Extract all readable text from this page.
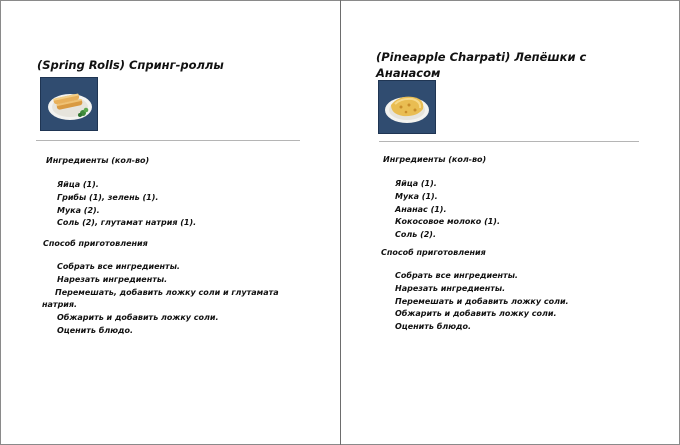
(Spring Rolls) Спринг-роллы
Ингредиенты (кол-во)
Яйца (1).
Грибы (1), зелень (1).
Мука (2).
Соль (2), глутамат натрия (1).
Способ приготовления
Собрать все ингредиенты.
Нарезать ингредиенты.
Перемешать, добавить ложку соли и глутамата натрия.
Обжарить и добавить ложку соли.
Оценить блюдо.
(Pineapple Charpati) Лепёшки с Ананасом
Ингредиенты (кол-во)
Яйца (1).
Мука (1).
Ананас (1).
Кокосовое молоко (1).
Соль (2).
Способ приготовления
Собрать все ингредиенты.
Нарезать ингредиенты.
Перемешать и добавить ложку соли.
Обжарить и добавить ложку соли.
Оценить блюдо.
